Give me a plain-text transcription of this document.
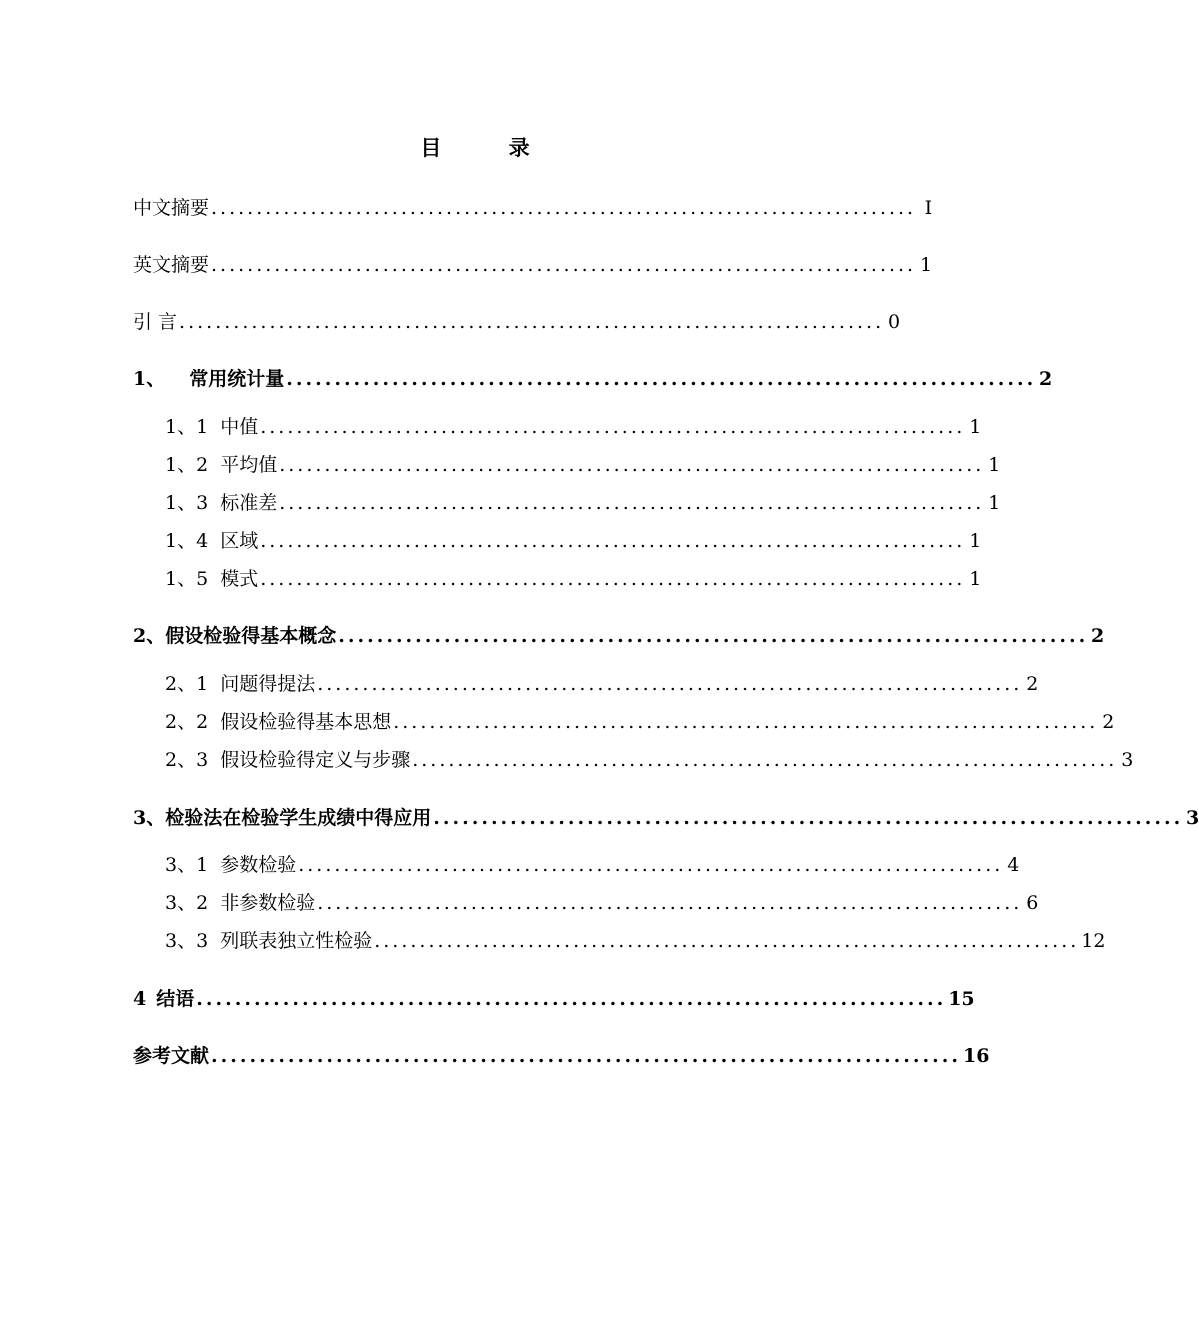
目 录
中文摘要 .............................................................................. I
英文摘要 .............................................................................. 1
引 言 .............................................................................. 0
1、 常用统计量 .............................................................................. 2
1、1 中值 .............................................................................. 1
1、2 平均值 .............................................................................. 1
1、3 标准差 .............................................................................. 1
1、4 区域 .............................................................................. 1
1、5 模式 .............................................................................. 1
2、 假设检验得基本概念 .............................................................................. 2
2、1 问题得提法 .............................................................................. 2
2、2 假设检验得基本思想 .............................................................................. 2
2、3 假设检验得定义与步骤 .............................................................................. 3
3、 检验法在检验学生成绩中得应用 .............................................................................. 3
3、1 参数检验 .............................................................................. 4
3、2 非参数检验 .............................................................................. 6
3、3 列联表独立性检验 .............................................................................. 12
4 结语 .............................................................................. 15
参考文献 .............................................................................. 16
